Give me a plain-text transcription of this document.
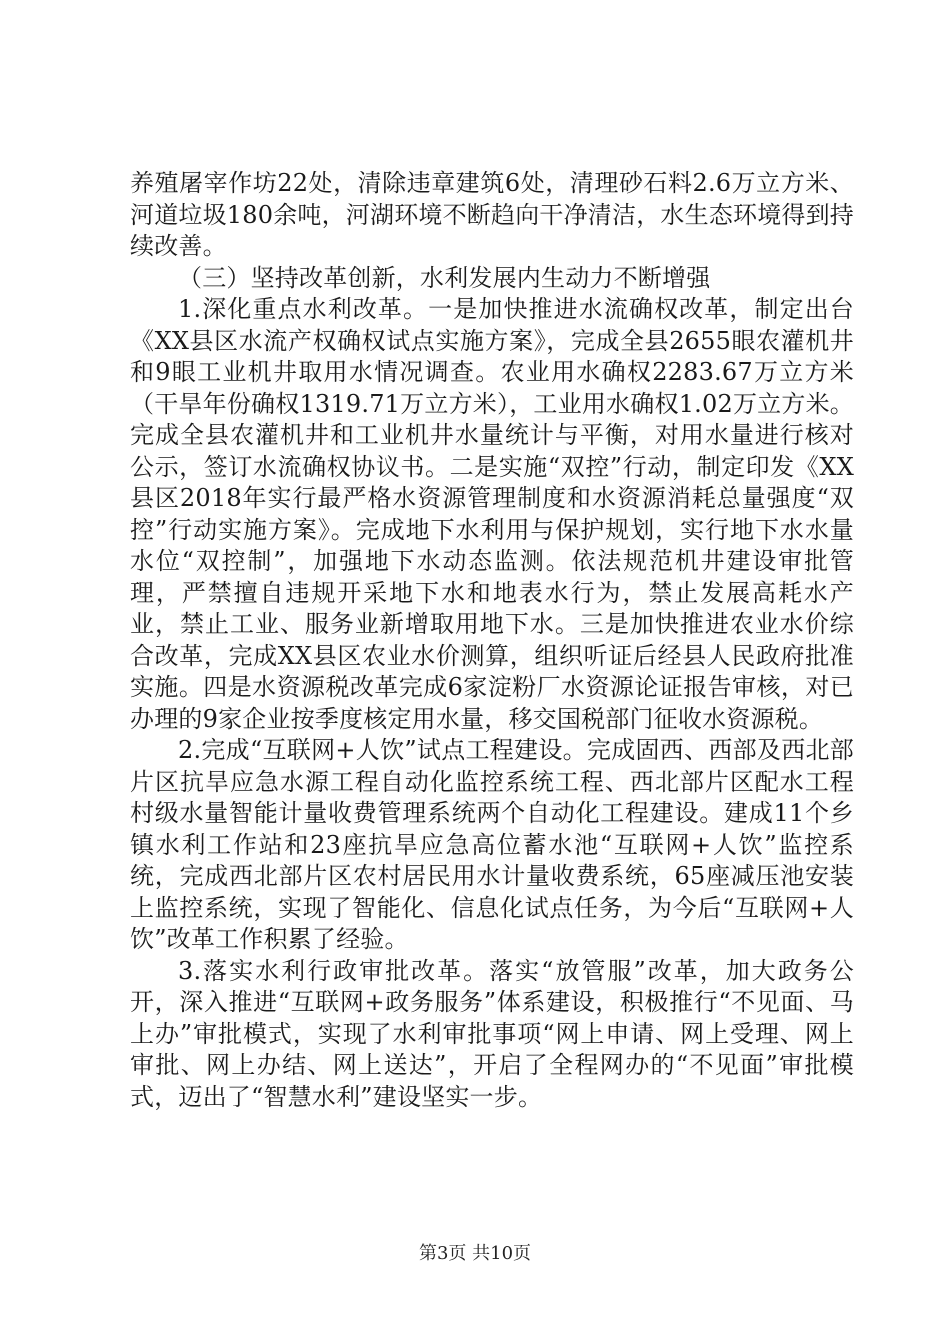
养殖屠宰作坊22处，清除违章建筑6处，清理砂石料2.6万立方米、河道垃圾180余吨，河湖环境不断趋向干净清洁，水生态环境得到持续改善。

（三）坚持改革创新，水利发展内生动力不断增强

1.深化重点水利改革。一是加快推进水流确权改革，制定出台《XX县区水流产权确权试点实施方案》，完成全县2655眼农灌机井和9眼工业机井取用水情况调查。农业用水确权2283.67万立方米（干旱年份确权1319.71万立方米），工业用水确权1.02万立方米。完成全县农灌机井和工业机井水量统计与平衡，对用水量进行核对公示，签订水流确权协议书。二是实施“双控”行动，制定印发《XX县区2018年实行最严格水资源管理制度和水资源消耗总量强度“双控”行动实施方案》。完成地下水利用与保护规划，实行地下水水量水位“双控制”，加强地下水动态监测。依法规范机井建设审批管理，严禁擅自违规开采地下水和地表水行为，禁止发展高耗水产业，禁止工业、服务业新增取用地下水。三是加快推进农业水价综合改革，完成XX县区农业水价测算，组织听证后经县人民政府批准实施。四是水资源税改革完成6家淀粉厂水资源论证报告审核，对已办理的9家企业按季度核定用水量，移交国税部门征收水资源税。

2.完成“互联网+人饮”试点工程建设。完成固西、西部及西北部片区抗旱应急水源工程自动化监控系统工程、西北部片区配水工程村级水量智能计量收费管理系统两个自动化工程建设。建成11个乡镇水利工作站和23座抗旱应急高位蓄水池“互联网+人饮”监控系统，完成西北部片区农村居民用水计量收费系统，65座减压池安装上监控系统，实现了智能化、信息化试点任务，为今后“互联网+人饮”改革工作积累了经验。

3.落实水利行政审批改革。落实“放管服”改革，加大政务公开，深入推进“互联网+政务服务”体系建设，积极推行“不见面、马上办”审批模式，实现了水利审批事项“网上申请、网上受理、网上审批、网上办结、网上送达”，开启了全程网办的“不见面”审批模式，迈出了“智慧水利”建设坚实一步。

第3页 共10页
